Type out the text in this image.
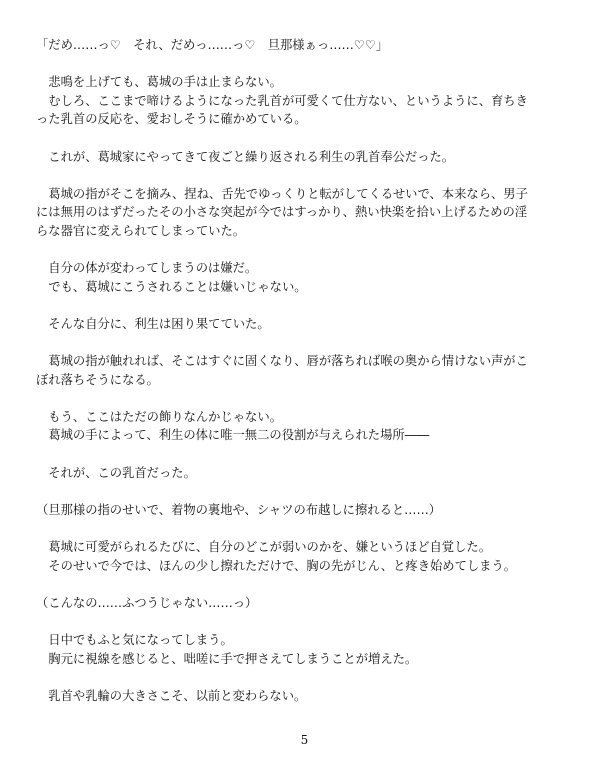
「だめ……っ♡　それ、だめっ……っ♡　旦那様ぁっ……♡♡」
　悲鳴を上げても、葛城の手は止まらない。
　むしろ、ここまで啼けるようになった乳首が可愛くて仕方ない、というように、育ちき
った乳首の反応を、愛おしそうに確かめている。
　これが、葛城家にやってきて夜ごと繰り返される利生の乳首奉公だった。
　葛城の指がそこを摘み、捏ね、舌先でゆっくりと転がしてくるせいで、本来なら、男子
には無用のはずだったその小さな突起が今ではすっかり、熱い快楽を拾い上げるための淫
らな器官に変えられてしまっていた。
　自分の体が変わってしまうのは嫌だ。
　でも、葛城にこうされることは嫌いじゃない。
　そんな自分に、利生は困り果てていた。
　葛城の指が触れれば、そこはすぐに固くなり、唇が落ちれば喉の奥から情けない声がこ
ぼれ落ちそうになる。
　もう、ここはただの飾りなんかじゃない。
　葛城の手によって、利生の体に唯一無二の役割が与えられた場所――
　それが、この乳首だった。
（旦那様の指のせいで、着物の裏地や、シャツの布越しに擦れると……）
　葛城に可愛がられるたびに、自分のどこが弱いのかを、嫌というほど自覚した。
　そのせいで今では、ほんの少し擦れただけで、胸の先がじん、と疼き始めてしまう。
（こんなの……ふつうじゃない……っ）
　日中でもふと気になってしまう。
　胸元に視線を感じると、咄嗟に手で押さえてしまうことが増えた。
　乳首や乳輪の大きさこそ、以前と変わらない。
5
